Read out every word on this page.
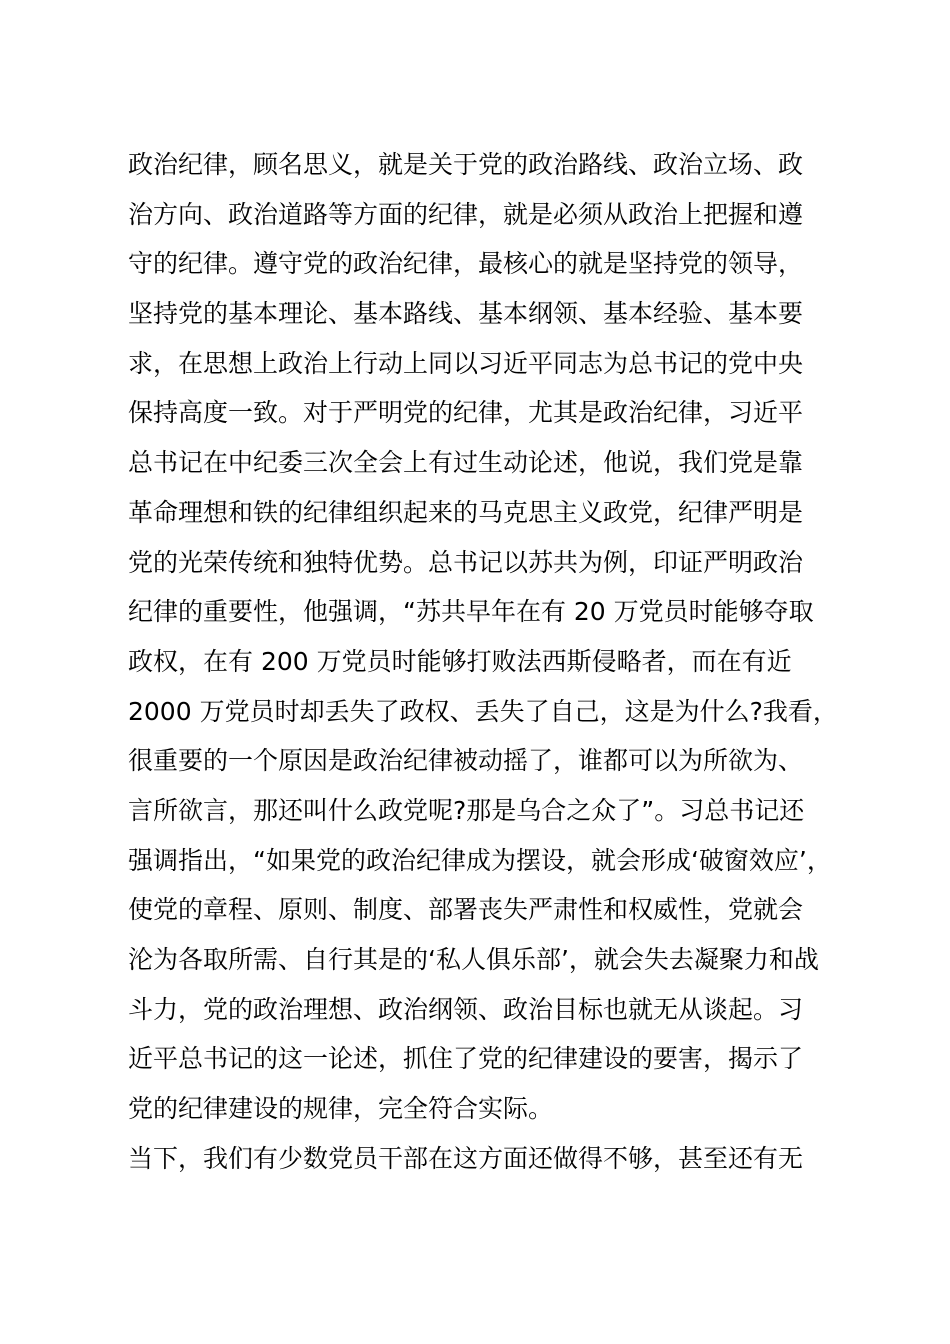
政治纪律，顾名思义，就是关于党的政治路线、政治立场、政
治方向、政治道路等方面的纪律，就是必须从政治上把握和遵
守的纪律。遵守党的政治纪律，最核心的就是坚持党的领导，
坚持党的基本理论、基本路线、基本纲领、基本经验、基本要
求，在思想上政治上行动上同以习近平同志为总书记的党中央
保持高度一致。对于严明党的纪律，尤其是政治纪律，习近平
总书记在中纪委三次全会上有过生动论述，他说，我们党是靠
革命理想和铁的纪律组织起来的马克思主义政党，纪律严明是
党的光荣传统和独特优势。总书记以苏共为例，印证严明政治
纪律的重要性，他强调，“苏共早年在有 20 万党员时能够夺取
政权，在有 200 万党员时能够打败法西斯侵略者，而在有近
2000 万党员时却丢失了政权、丢失了自己，这是为什么?我看，
很重要的一个原因是政治纪律被动摇了，谁都可以为所欲为、
言所欲言，那还叫什么政党呢?那是乌合之众了”。习总书记还
强调指出，“如果党的政治纪律成为摆设，就会形成‘破窗效应’，
使党的章程、原则、制度、部署丧失严肃性和权威性，党就会
沦为各取所需、自行其是的‘私人俱乐部’，就会失去凝聚力和战
斗力，党的政治理想、政治纲领、政治目标也就无从谈起。习
近平总书记的这一论述，抓住了党的纪律建设的要害，揭示了
党的纪律建设的规律，完全符合实际。
当下，我们有少数党员干部在这方面还做得不够，甚至还有无
